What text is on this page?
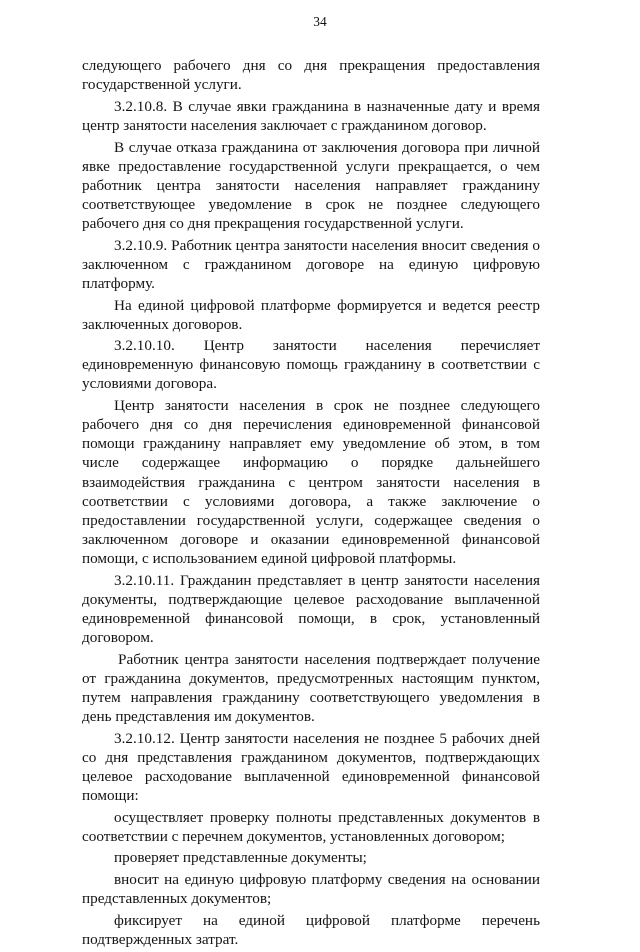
34

следующего рабочего дня со дня прекращения предоставления государственной услуги.

3.2.10.8. В случае явки гражданина в назначенные дату и время центр занятости населения заключает с гражданином договор.

В случае отказа гражданина от заключения договора при личной явке предоставление государственной услуги прекращается, о чем работник центра занятости населения направляет гражданину соответствующее уведомление в срок не позднее следующего рабочего дня со дня прекращения государственной услуги.

3.2.10.9. Работник центра занятости населения вносит сведения о заключенном с гражданином договоре на единую цифровую платформу.

На единой цифровой платформе формируется и ведется реестр заключенных договоров.

3.2.10.10. Центр занятости населения перечисляет единовременную финансовую помощь гражданину в соответствии с условиями договора.

Центр занятости населения в срок не позднее следующего рабочего дня со дня перечисления единовременной финансовой помощи гражданину направляет ему уведомление об этом, в том числе содержащее информацию о порядке дальнейшего взаимодействия гражданина с центром занятости населения в соответствии с условиями договора, а также заключение о предоставлении государственной услуги, содержащее сведения о заключенном договоре и оказании единовременной финансовой помощи, с использованием единой цифровой платформы.

3.2.10.11. Гражданин представляет в центр занятости населения документы, подтверждающие целевое расходование выплаченной единовременной финансовой помощи, в срок, установленный договором.

Работник центра занятости населения подтверждает получение от гражданина документов, предусмотренных настоящим пунктом, путем направления гражданину соответствующего уведомления в день представления им документов.

3.2.10.12. Центр занятости населения не позднее 5 рабочих дней со дня представления гражданином документов, подтверждающих целевое расходование выплаченной единовременной финансовой помощи:

осуществляет проверку полноты представленных документов в соответствии с перечнем документов, установленных договором;

проверяет представленные документы;

вносит на единую цифровую платформу сведения на основании представленных документов;

фиксирует на единой цифровой платформе перечень подтвержденных затрат.
